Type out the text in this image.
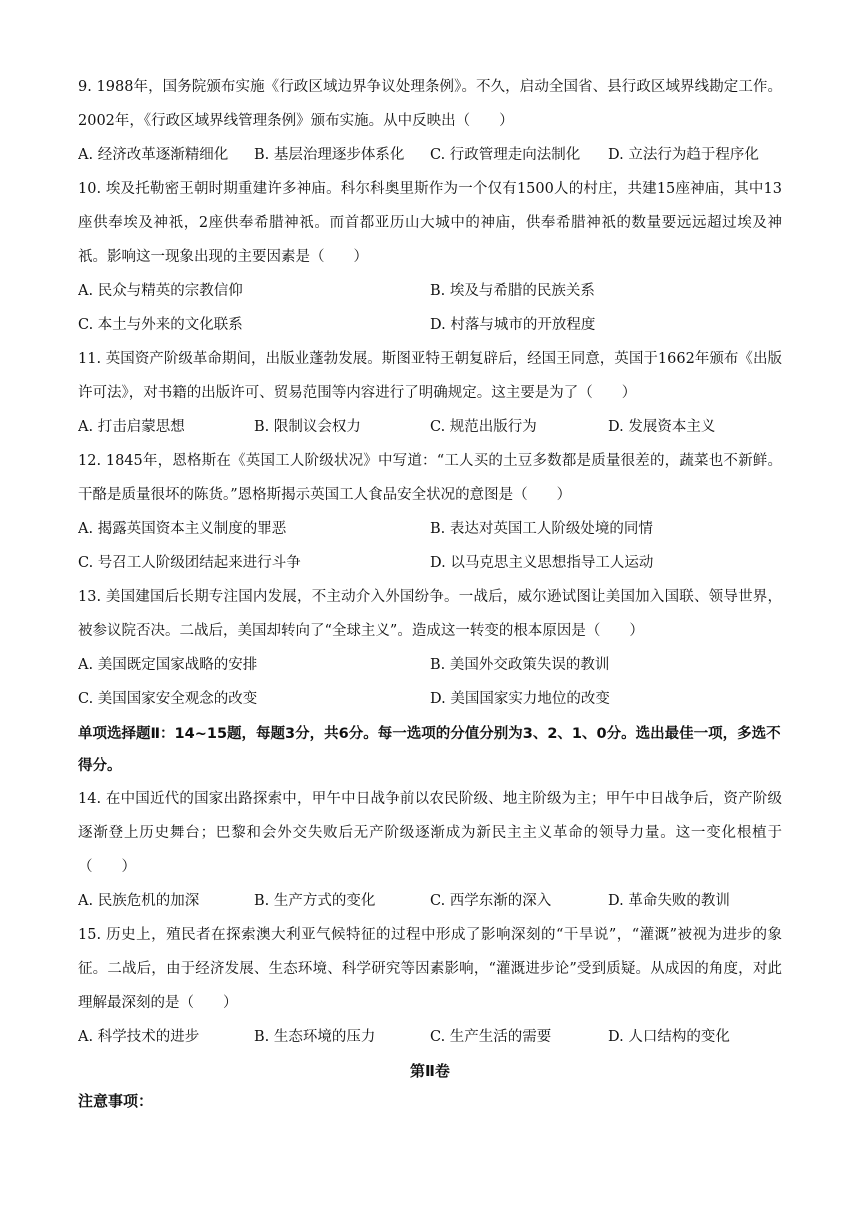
9. 1988年，国务院颁布实施《行政区域边界争议处理条例》。不久，启动全国省、县行政区域界线勘定工作。2002年，《行政区域界线管理条例》颁布实施。从中反映出（　　）

A. 经济改革逐渐精细化	B. 基层治理逐步体系化	C. 行政管理走向法制化	D. 立法行为趋于程序化

10. 埃及托勒密王朝时期重建许多神庙。科尔科奥里斯作为一个仅有1500人的村庄，共建15座神庙，其中13座供奉埃及神祇，2座供奉希腊神祇。而首都亚历山大城中的神庙，供奉希腊神祇的数量要远远超过埃及神祇。影响这一现象出现的主要因素是（　　）

A. 民众与精英的宗教信仰	B. 埃及与希腊的民族关系
C. 本土与外来的文化联系	D. 村落与城市的开放程度

11. 英国资产阶级革命期间，出版业蓬勃发展。斯图亚特王朝复辟后，经国王同意，英国于1662年颁布《出版许可法》，对书籍的出版许可、贸易范围等内容进行了明确规定。这主要是为了（　　）

A. 打击启蒙思想	B. 限制议会权力	C. 规范出版行为	D. 发展资本主义

12. 1845年，恩格斯在《英国工人阶级状况》中写道：“工人买的土豆多数都是质量很差的，蔬菜也不新鲜。干酪是质量很坏的陈货。”恩格斯揭示英国工人食品安全状况的意图是（　　）

A. 揭露英国资本主义制度的罪恶	B. 表达对英国工人阶级处境的同情
C. 号召工人阶级团结起来进行斗争	D. 以马克思主义思想指导工人运动

13. 美国建国后长期专注国内发展，不主动介入外国纷争。一战后，威尔逊试图让美国加入国联、领导世界，被参议院否决。二战后，美国却转向了“全球主义”。造成这一转变的根本原因是（　　）

A. 美国既定国家战略的安排	B. 美国外交政策失误的教训
C. 美国国家安全观念的改变	D. 美国国家实力地位的改变

单项选择题Ⅱ：14~15题，每题3分，共6分。每一选项的分值分别为3、2、1、0分。选出最佳一项，多选不得分。

14. 在中国近代的国家出路探索中，甲午中日战争前以农民阶级、地主阶级为主；甲午中日战争后，资产阶级逐渐登上历史舞台；巴黎和会外交失败后无产阶级逐渐成为新民主主义革命的领导力量。这一变化根植于（　　）

A. 民族危机的加深	B. 生产方式的变化	C. 西学东渐的深入	D. 革命失败的教训

15. 历史上，殖民者在探索澳大利亚气候特征的过程中形成了影响深刻的“干旱说”，“灌溉”被视为进步的象征。二战后，由于经济发展、生态环境、科学研究等因素影响，“灌溉进步论”受到质疑。从成因的角度，对此理解最深刻的是（　　）

A. 科学技术的进步	B. 生态环境的压力	C. 生产生活的需要	D. 人口结构的变化

第Ⅱ卷

注意事项：
